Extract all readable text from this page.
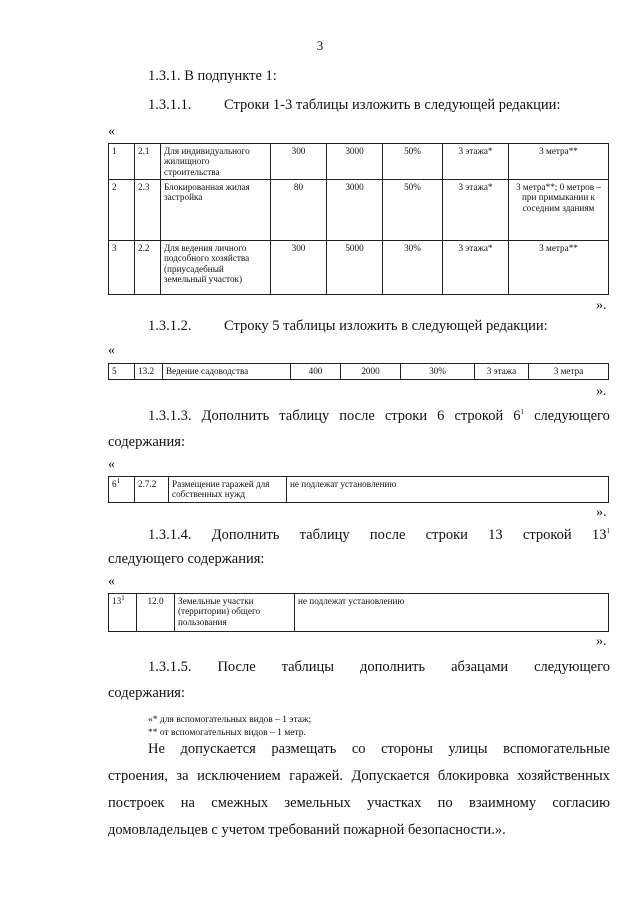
3
1.3.1. В подпункте 1:
1.3.1.1. Строки 1-3 таблицы изложить в следующей редакции:
«
1	2.1	Для индивидуального жилищного строительства	300	3000	50%	3 этажа*	3 метра**
2	2.3	Блокированная жилая застройка	80	3000	50%	3 этажа*	3 метра**; 0 метров – при примыкании к соседним зданиям
3	2.2	Для ведения личного подсобного хозяйства (приусадебный земельный участок)	300	5000	30%	3 этажа*	3 метра**
».
1.3.1.2. Строку 5 таблицы изложить в следующей редакции:
«
5	13.2	Ведение садоводства	400	2000	30%	3 этажа	3 метра
».
1.3.1.3. Дополнить таблицу после строки 6 строкой $6^1$ следующего
содержания:
«
$6^1$	2.7.2	Размещение гаражей для собственных нужд	не подлежат установлению
».
1.3.1.4. Дополнить таблицу после строки 13 строкой $13^1$
следующего содержания:
«
$13^1$	12.0	Земельные участки (территории) общего пользования	не подлежат установлению
».
1.3.1.5. После таблицы дополнить абзацами следующего
содержания:
«* для вспомогательных видов – 1 этаж;
** от вспомогательных видов – 1 метр.
Не допускается размещать со стороны улицы вспомогательные
строения, за исключением гаражей. Допускается блокировка хозяйственных
построек на смежных земельных участках по взаимному согласию
домовладельцев с учетом требований пожарной безопасности.».
